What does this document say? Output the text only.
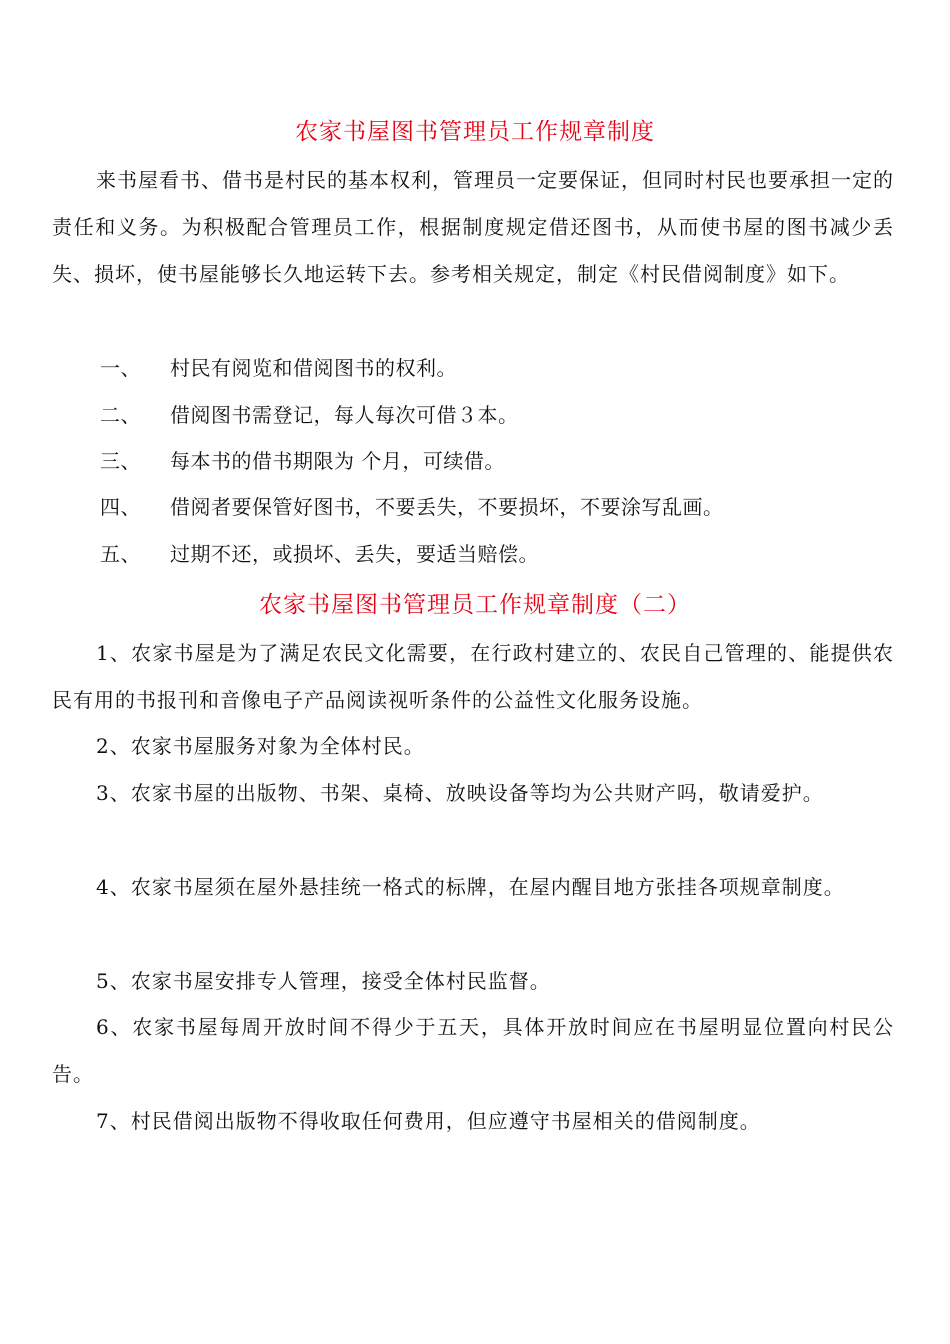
农家书屋图书管理员工作规章制度

来书屋看书、借书是村民的基本权利，管理员一定要保证，但同时村民也要承担一定的责任和义务。为积极配合管理员工作，根据制度规定借还图书，从而使书屋的图书减少丢失、损坏，使书屋能够长久地运转下去。参考相关规定，制定《村民借阅制度》如下。

一、 村民有阅览和借阅图书的权利。
二、 借阅图书需登记，每人每次可借３本。
三、 每本书的借书期限为 个月，可续借。
四、 借阅者要保管好图书，不要丢失，不要损坏，不要涂写乱画。
五、 过期不还，或损坏、丢失，要适当赔偿。
农家书屋图书管理员工作规章制度（二）

1、农家书屋是为了满足农民文化需要，在行政村建立的、农民自己管理的、能提供农民有用的书报刊和音像电子产品阅读视听条件的公益性文化服务设施。

2、农家书屋服务对象为全体村民。

3、农家书屋的出版物、书架、桌椅、放映设备等均为公共财产吗，敬请爱护。

4、农家书屋须在屋外悬挂统一格式的标牌，在屋内醒目地方张挂各项规章制度。

5、农家书屋安排专人管理，接受全体村民监督。

6、农家书屋每周开放时间不得少于五天，具体开放时间应在书屋明显位置向村民公告。

7、村民借阅出版物不得收取任何费用，但应遵守书屋相关的借阅制度。
